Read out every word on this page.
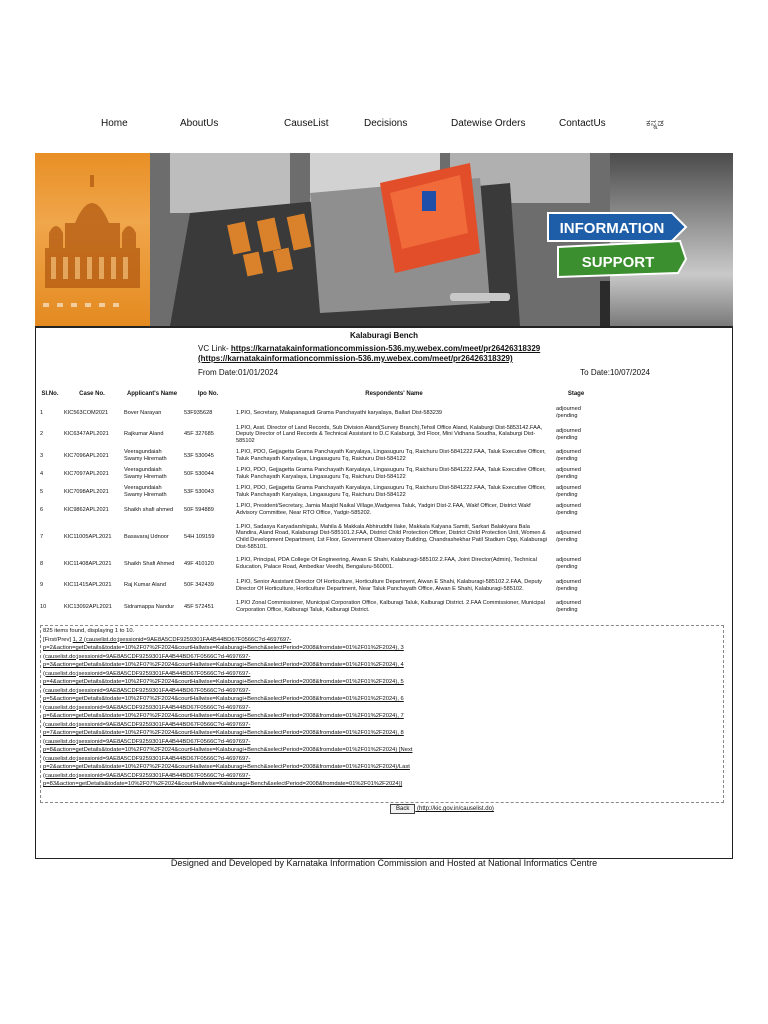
Home	AboutUs	CauseList	Decisions	Datewise Orders	ContactUs	ಕನ್ನಡ
INFORMATION
SUPPORT
Kalaburagi Bench
VC Link- https://karnatakainformationcommission-536.my.webex.com/meet/pr26426318329
(https://karnatakainformationcommission-536.my.webex.com/meet/pr26426318329)
From Date:01/01/2024	To Date:10/07/2024
Sl.No.	Case No.	Applicant's Name	Ipo No.	Respondents' Name	Stage
1	KIC563COM2021	Bover Narayan	53F935628	1.PIO, Secretary, Malapanagudi Grama Panchayathi karyalaya, Ballari Dist-583239	adjourned /pending
2	KIC6347APL2021	Rajkumar Aland	45F 327685	1.PIO, Asst. Director of Land Records, Sub Division Aland(Survey Branch),Tehsil Office Aland, Kalaburgi Dist-5853142.FAA, Deputy Director of Land Records & Technical Assistant to D.C Kalaburgi, 3rd Floor, Mini Vidhana Soudha, Kalaburgi Dist-585102	adjourned /pending
3	KIC7096APL2021	Veeragundaiah Swamy Hiremath	53F 530045	1.PIO, PDO, Gejjagetta Grama Panchayath Karyalaya, Lingasuguru Tq, Raichuru Dist-5841222.FAA, Taluk Executive Officer, Taluk Panchayath Karyalaya, Lingasuguru Tq, Raichuru Dist-584122	adjourned /pending
4	KIC7097APL2021	Veeragundaiah Swamy Hiremath	50F 530044	1.PIO, PDO, Gejjagetta Grama Panchayath Karyalaya, Lingasuguru Tq, Raichuru Dist-5841222.FAA, Taluk Executive Officer, Taluk Panchayath Karyalaya, Lingasuguru Tq, Raichuru Dist-584122	adjourned /pending
5	KIC7098APL2021	Veeragundaiah Swamy Hiremath	53F 530043	1.PIO, PDO, Gejjagetta Grama Panchayath Karyalaya, Lingasuguru Tq, Raichuru Dist-5841222.FAA, Taluk Executive Officer, Taluk Panchayath Karyalaya, Lingasuguru Tq, Raichuru Dist-584122	adjourned /pending
6	KIC9862APL2021	Shaikh shafi ahmed	50F 594889	1.PIO, President/Secretary, Jamia Masjid Naikal Village,Wadgerea Taluk, Yadgiri Dist-2.FAA, Wakf Officer, District Wakf Advisory Committee, Near RTO Office, Yadgir-585202.	adjourned /pending
7	KIC11005APL2021	Basavaraj Udnoor	54H 109159	1.PIO, Sadasya Karyadarshigalu, Mahila & Makkala Abhiruddhi Ilake, Makkala Kalyana Samiti, Sarkari Balakiyara Bala Mandira, Aland Road, Kalaburagi Dist-585101.2.FAA, District Child Protection Officer, District Child Protection Unit, Women & Child Development Department, 1st Floor, Government Observatory Building, Chandrashekhar Patil Stadium Opp, Kalaburagi Dist-585101.	adjourned /pending
8	KIC11408APL2021	Shaikh Shafi Ahmed	49F 410120	1.PIO, Principal, PDA College Of Engineering, Aiwan E Shahi, Kalaburagi-585102.2.FAA, Joint Director(Admin), Technical Education, Palace Road, Ambedkar Veedhi, Bengaluru-560001.	adjourned /pending
9	KIC11415APL2021	Raj Kumar Aland	50F 342439	1.PIO, Senior Assistant Director Of Horticulture, Horticulture Department, Aiwan E Shahi, Kalaburagi-585102.2.FAA, Deputy Director Of Horticulture, Horticulture Department, Near Taluk Panchayath Office, Aiwan E Shahi, Kalaburagi-585102.	adjourned /pending
10	KIC13092APL2021	Sidramappa Nandur	45F 572451	1.PIO Zonal Commissioner, Municipal Corporation Office, Kalburagi Taluk, Kalburagi District. 2.FAA Commissioner, Municipal Corporation Office, Kalburagi Taluk, Kalburagi District.	adjourned /pending
825 items found, displaying 1 to 10.
[First/Prev] 1, 2 (causelist.do;jsessionid=9AE8A5CDF9259301FA4B44BD67F0566C?d-4697697-
p=2&action=getDetails&todate=10%2F07%2F2024&courtHallwise=Kalaburagi+Bench&selectPeriod=2008&fromdate=01%2F01%2F2024), 3
(causelist.do;jsessionid=9AE8A5CDF9259301FA4B44BD67F0566C?d-4697697-
p=3&action=getDetails&todate=10%2F07%2F2024&courtHallwise=Kalaburagi+Bench&selectPeriod=2008&fromdate=01%2F01%2F2024), 4
(causelist.do;jsessionid=9AE8A5CDF9259301FA4B44BD67F0566C?d-4697697-
p=4&action=getDetails&todate=10%2F07%2F2024&courtHallwise=Kalaburagi+Bench&selectPeriod=2008&fromdate=01%2F01%2F2024), 5
(causelist.do;jsessionid=9AE8A5CDF9259301FA4B44BD67F0566C?d-4697697-
p=5&action=getDetails&todate=10%2F07%2F2024&courtHallwise=Kalaburagi+Bench&selectPeriod=2008&fromdate=01%2F01%2F2024), 6
(causelist.do;jsessionid=9AE8A5CDF9259301FA4B44BD67F0566C?d-4697697-
p=6&action=getDetails&todate=10%2F07%2F2024&courtHallwise=Kalaburagi+Bench&selectPeriod=2008&fromdate=01%2F01%2F2024), 7
(causelist.do;jsessionid=9AE8A5CDF9259301FA4B44BD67F0566C?d-4697697-
p=7&action=getDetails&todate=10%2F07%2F2024&courtHallwise=Kalaburagi+Bench&selectPeriod=2008&fromdate=01%2F01%2F2024), 8
(causelist.do;jsessionid=9AE8A5CDF9259301FA4B44BD67F0566C?d-4697697-
p=8&action=getDetails&todate=10%2F07%2F2024&courtHallwise=Kalaburagi+Bench&selectPeriod=2008&fromdate=01%2F01%2F2024) [Next
(causelist.do;jsessionid=9AE8A5CDF9259301FA4B44BD67F0566C?d-4697697-
p=2&action=getDetails&todate=10%2F07%2F2024&courtHallwise=Kalaburagi+Bench&selectPeriod=2008&fromdate=01%2F01%2F2024)/Last
(causelist.do;jsessionid=9AE8A5CDF9259301FA4B44BD67F0566C?d-4697697-
p=83&action=getDetails&todate=10%2F07%2F2024&courtHallwise=Kalaburagi+Bench&selectPeriod=2008&fromdate=01%2F01%2F2024)]
Back (http://kic.gov.in/causelist.do)
Designed and Developed by Karnataka Information Commission and Hosted at National Informatics Centre
